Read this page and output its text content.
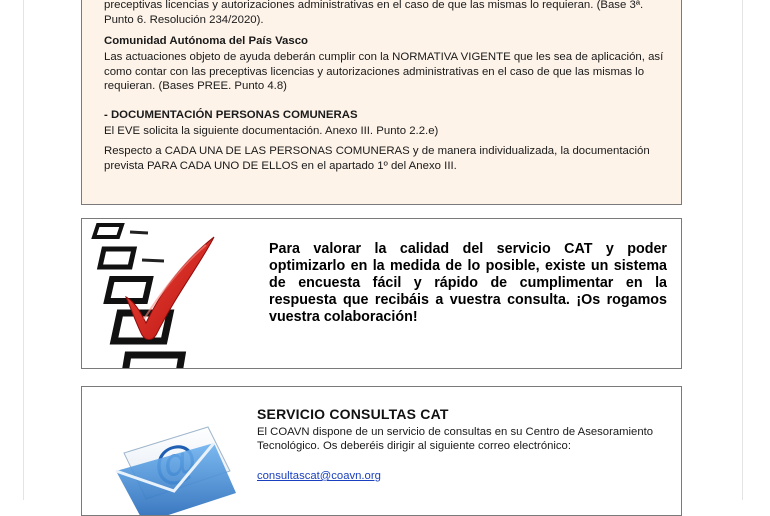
preceptivas licencias y autorizaciones administrativas en el caso de que las mismas lo requieran. (Base 3ª. Punto 6. Resolución 234/2020).
Comunidad Autónoma del País Vasco
Las actuaciones objeto de ayuda deberán cumplir con la NORMATIVA VIGENTE que les sea de aplicación, así como contar con las preceptivas licencias y autorizaciones administrativas en el caso de que las mismas lo requieran. (Bases PREE. Punto 4.8)
- DOCUMENTACIÓN PERSONAS COMUNERAS
El EVE solicita la siguiente documentación. Anexo III. Punto 2.2.e)
Respecto a CADA UNA DE LAS PERSONAS COMUNERAS y de manera individualizada, la documentación prevista PARA CADA UNO DE ELLOS en el apartado 1º del Anexo III.
Para valorar la calidad del servicio CAT y poder optimizarlo en la medida de lo posible, existe un sistema de encuesta fácil y rápido de cumplimentar en la respuesta que recibáis a vuestra consulta. ¡Os rogamos vuestra colaboración!
SERVICIO CONSULTAS CAT
El COAVN dispone de un servicio de consultas en su Centro de Asesoramiento Tecnológico. Os deberéis dirigir al siguiente correo electrónico:
consultascat@coavn.org
